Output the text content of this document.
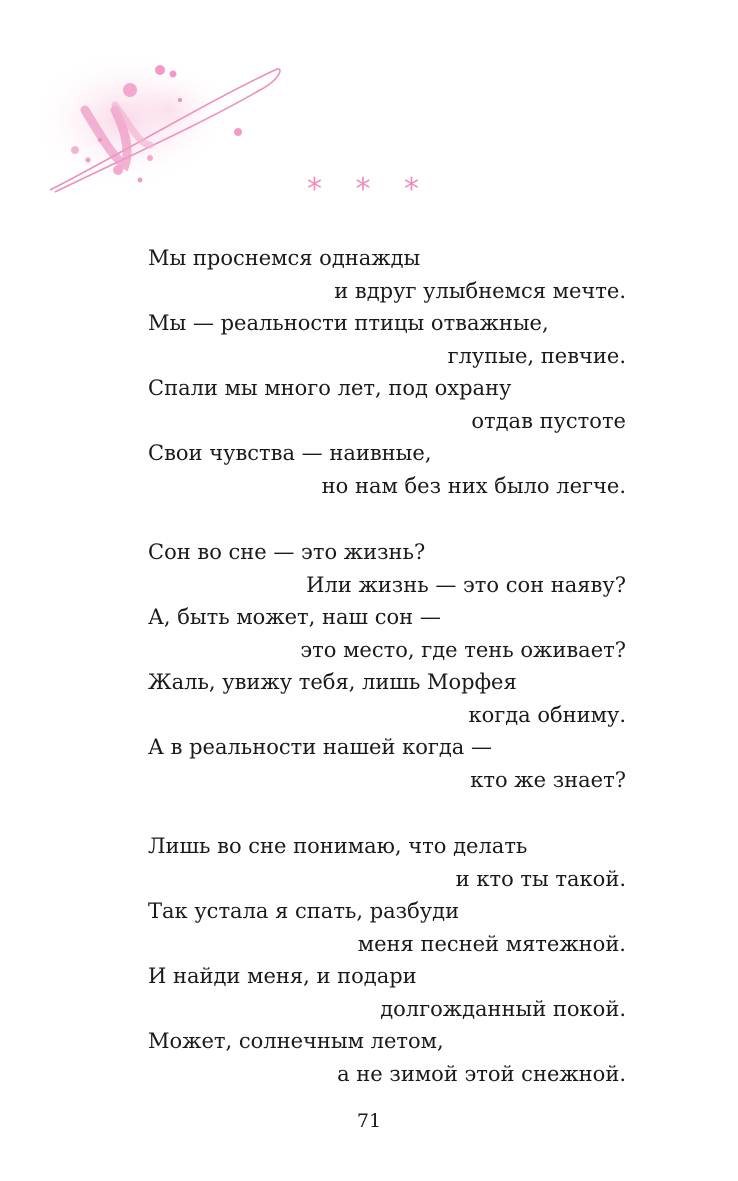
* * *
Мы проснемся однажды
и вдруг улыбнемся мечте.
Мы — реальности птицы отважные,
глупые, певчие.
Спали мы много лет, под охрану
отдав пустоте
Свои чувства — наивные,
но нам без них было легче.
Сон во сне — это жизнь?
Или жизнь — это сон наяву?
А, быть может, наш сон —
это место, где тень оживает?
Жаль, увижу тебя, лишь Морфея
когда обниму.
А в реальности нашей когда —
кто же знает?
Лишь во сне понимаю, что делать
и кто ты такой.
Так устала я спать, разбуди
меня песней мятежной.
И найди меня, и подари
долгожданный покой.
Может, солнечным летом,
а не зимой этой снежной.
71
